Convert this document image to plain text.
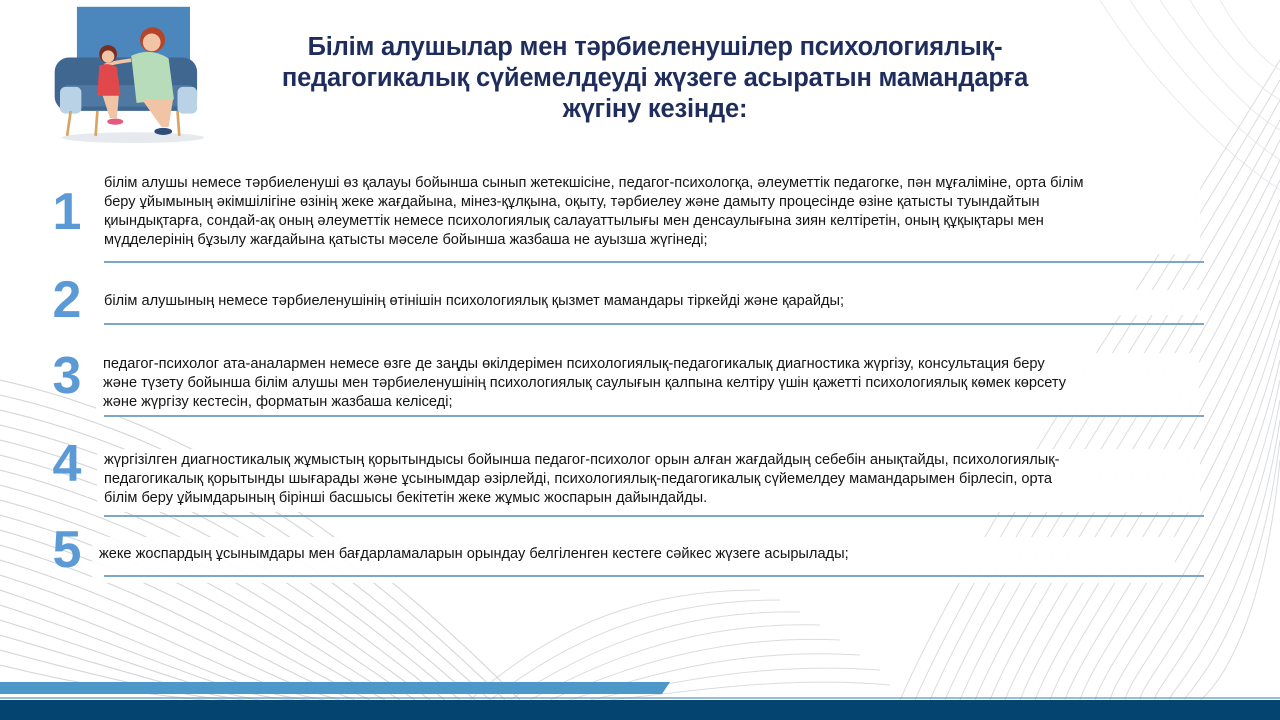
Білім алушылар мен тәрбиеленушілер психологиялық-
педагогикалық сүйемелдеуді жүзеге асыратын мамандарға
жүгіну кезінде:
1 білім алушы немесе тәрбиеленуші өз қалауы бойынша сынып жетекшісіне, педагог-психологқа, әлеуметтік педагогке, пән мұғаліміне, орта білім
беру ұйымының әкімшілігіне өзінің жеке жағдайына, мінез-құлқына, оқыту, тәрбиелеу және дамыту процесінде өзіне қатысты туындайтын
қиындықтарға, сондай-ақ оның әлеуметтік немесе психологиялық салауаттылығы мен денсаулығына зиян келтіретін, оның құқықтары мен
мүдделерінің бұзылу жағдайына қатысты мәселе бойынша жазбаша не ауызша жүгінеді;
2 білім алушының немесе тәрбиеленушінің өтінішін психологиялық қызмет мамандары тіркейді және қарайды;
3 педагог-психолог ата-аналармен немесе өзге де заңды өкілдерімен психологиялық-педагогикалық диагностика жүргізу, консультация беру
және түзету бойынша білім алушы мен тәрбиеленушінің психологиялық саулығын қалпына келтіру үшін қажетті психологиялық көмек көрсету
және жүргізу кестесін, форматын жазбаша келіседі;
4 жүргізілген диагностикалық жұмыстың қорытындысы бойынша педагог-психолог орын алған жағдайдың себебін анықтайды, психологиялық-
педагогикалық қорытынды шығарады және ұсынымдар әзірлейді, психологиялық-педагогикалық сүйемелдеу мамандарымен бірлесіп, орта
білім беру ұйымдарының бірінші басшысы бекітетін жеке жұмыс жоспарын дайындайды.
5 жеке жоспардың ұсынымдары мен бағдарламаларын орындау белгіленген кестеге сәйкес жүзеге асырылады;
